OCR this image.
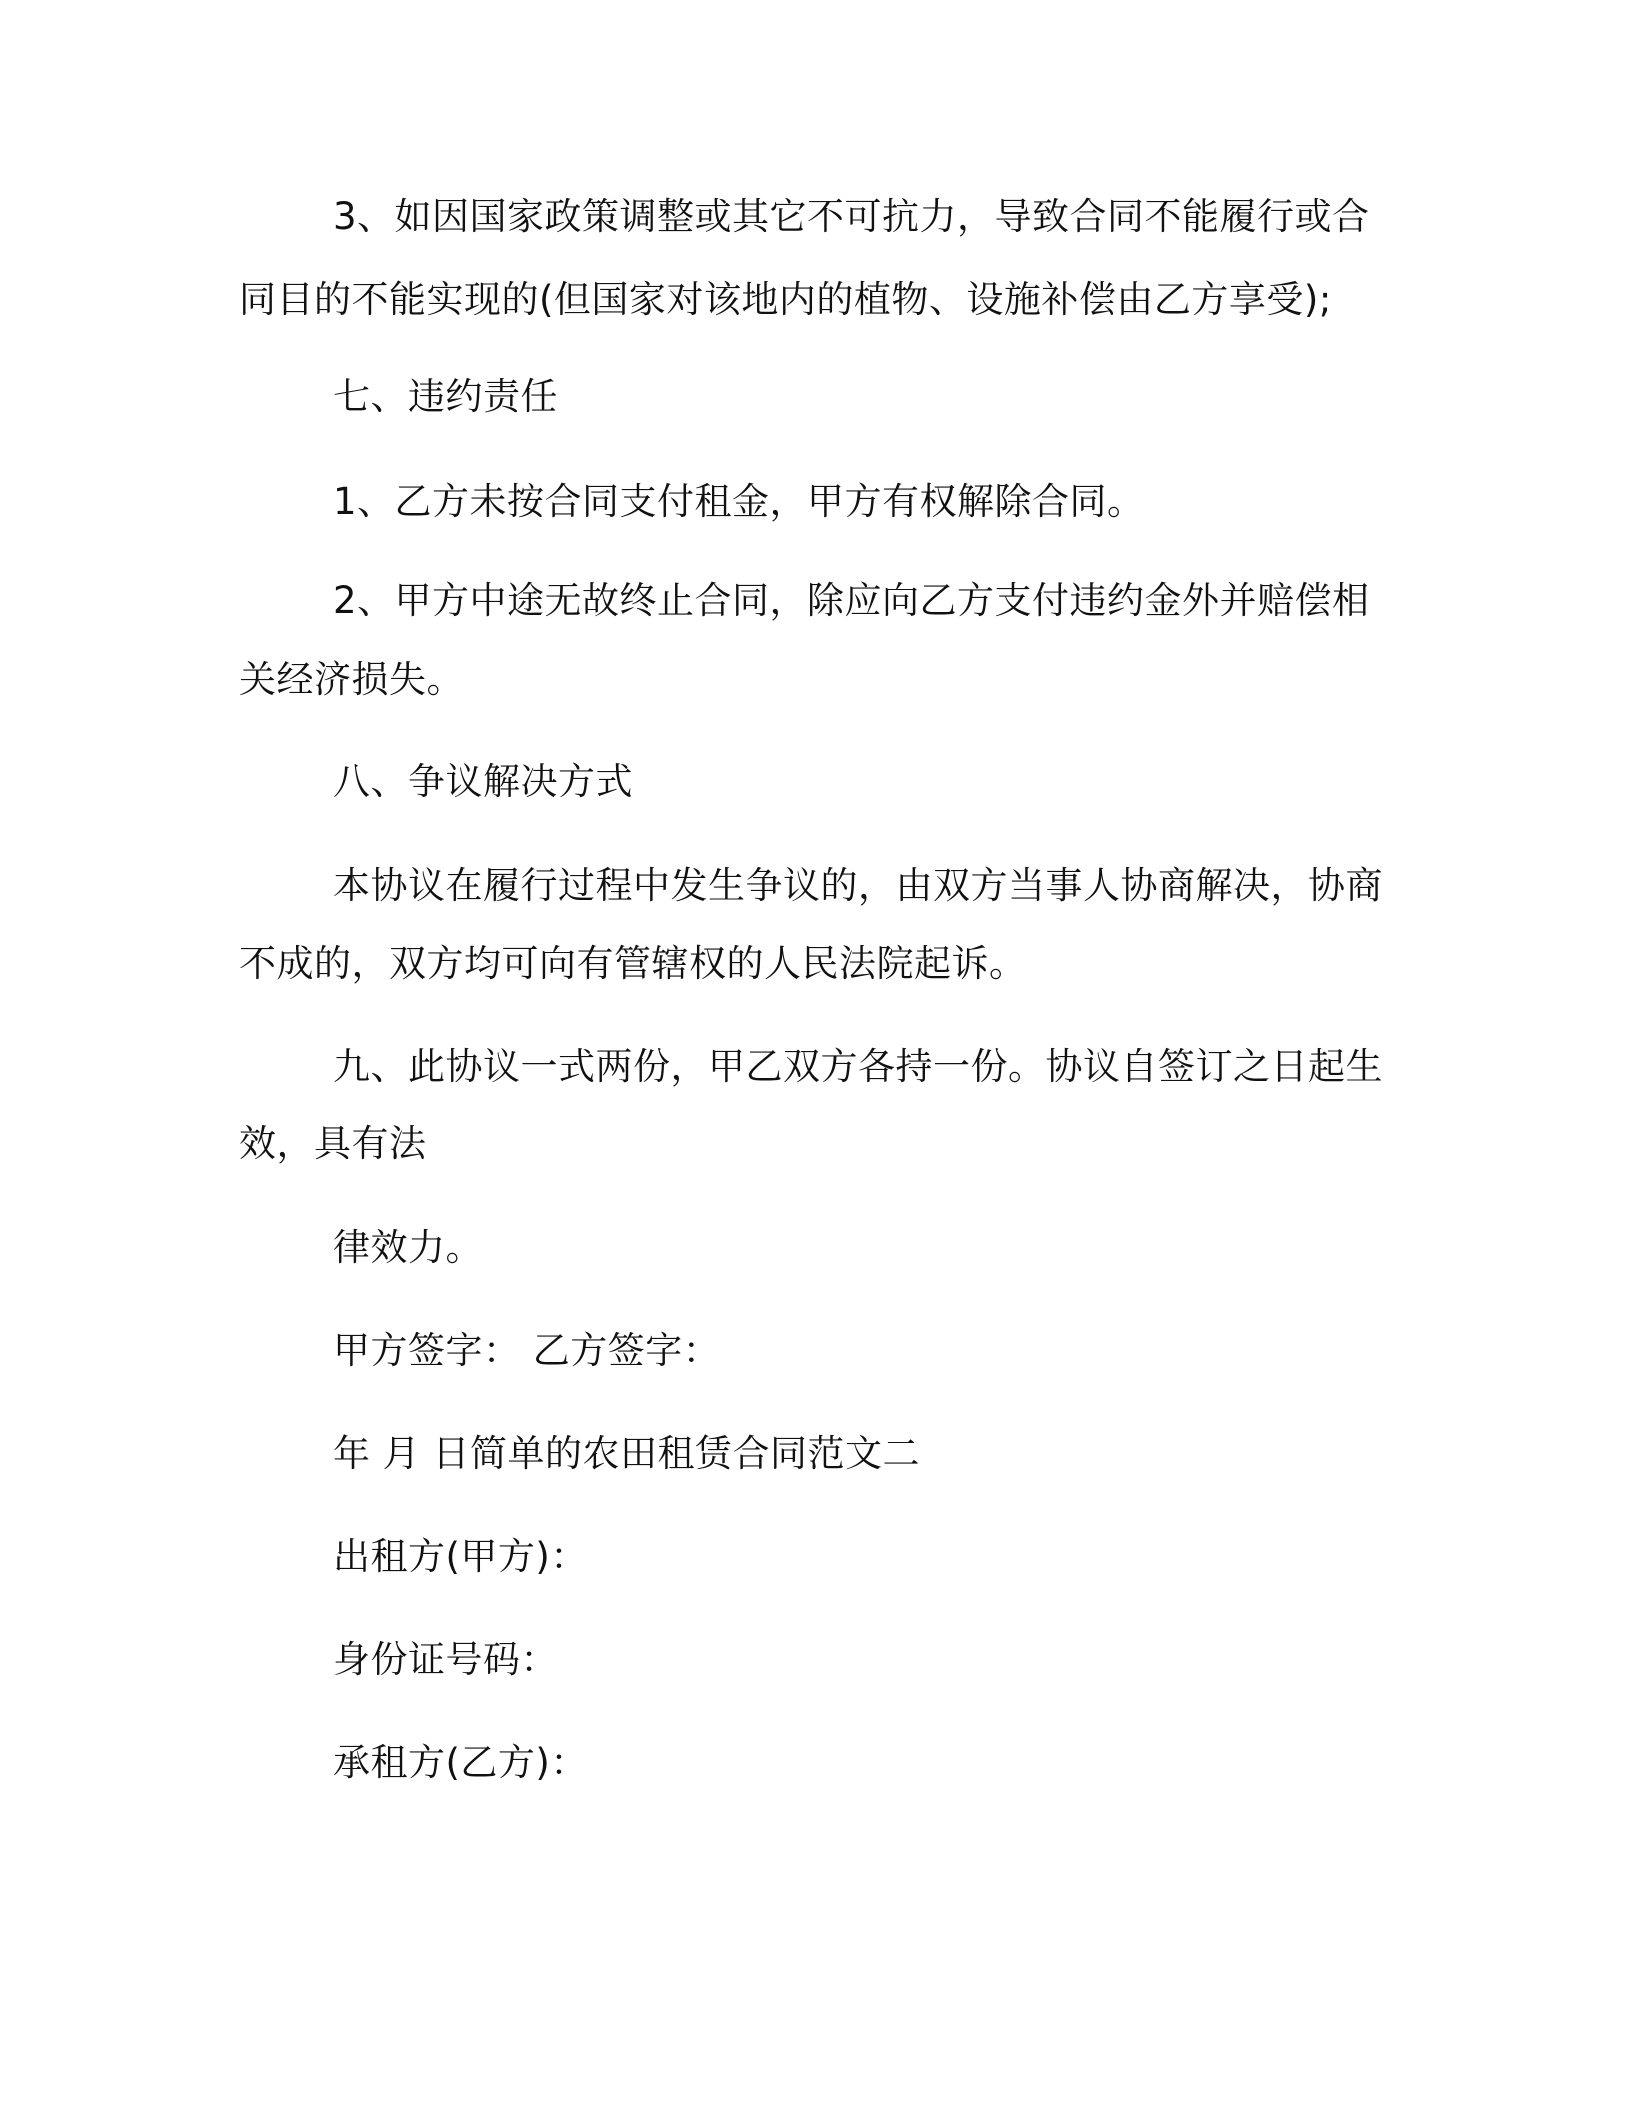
3、如因国家政策调整或其它不可抗力，导致合同不能履行或合
同目的不能实现的(但国家对该地内的植物、设施补偿由乙方享受);
七、违约责任
1、乙方未按合同支付租金，甲方有权解除合同。
2、甲方中途无故终止合同，除应向乙方支付违约金外并赔偿相
关经济损失。
八、争议解决方式
本协议在履行过程中发生争议的，由双方当事人协商解决，协商
不成的，双方均可向有管辖权的人民法院起诉。
九、此协议一式两份，甲乙双方各持一份。协议自签订之日起生
效，具有法
律效力。
甲方签字： 乙方签字：
年 月 日简单的农田租赁合同范文二
出租方(甲方)：
身份证号码：
承租方(乙方)：
